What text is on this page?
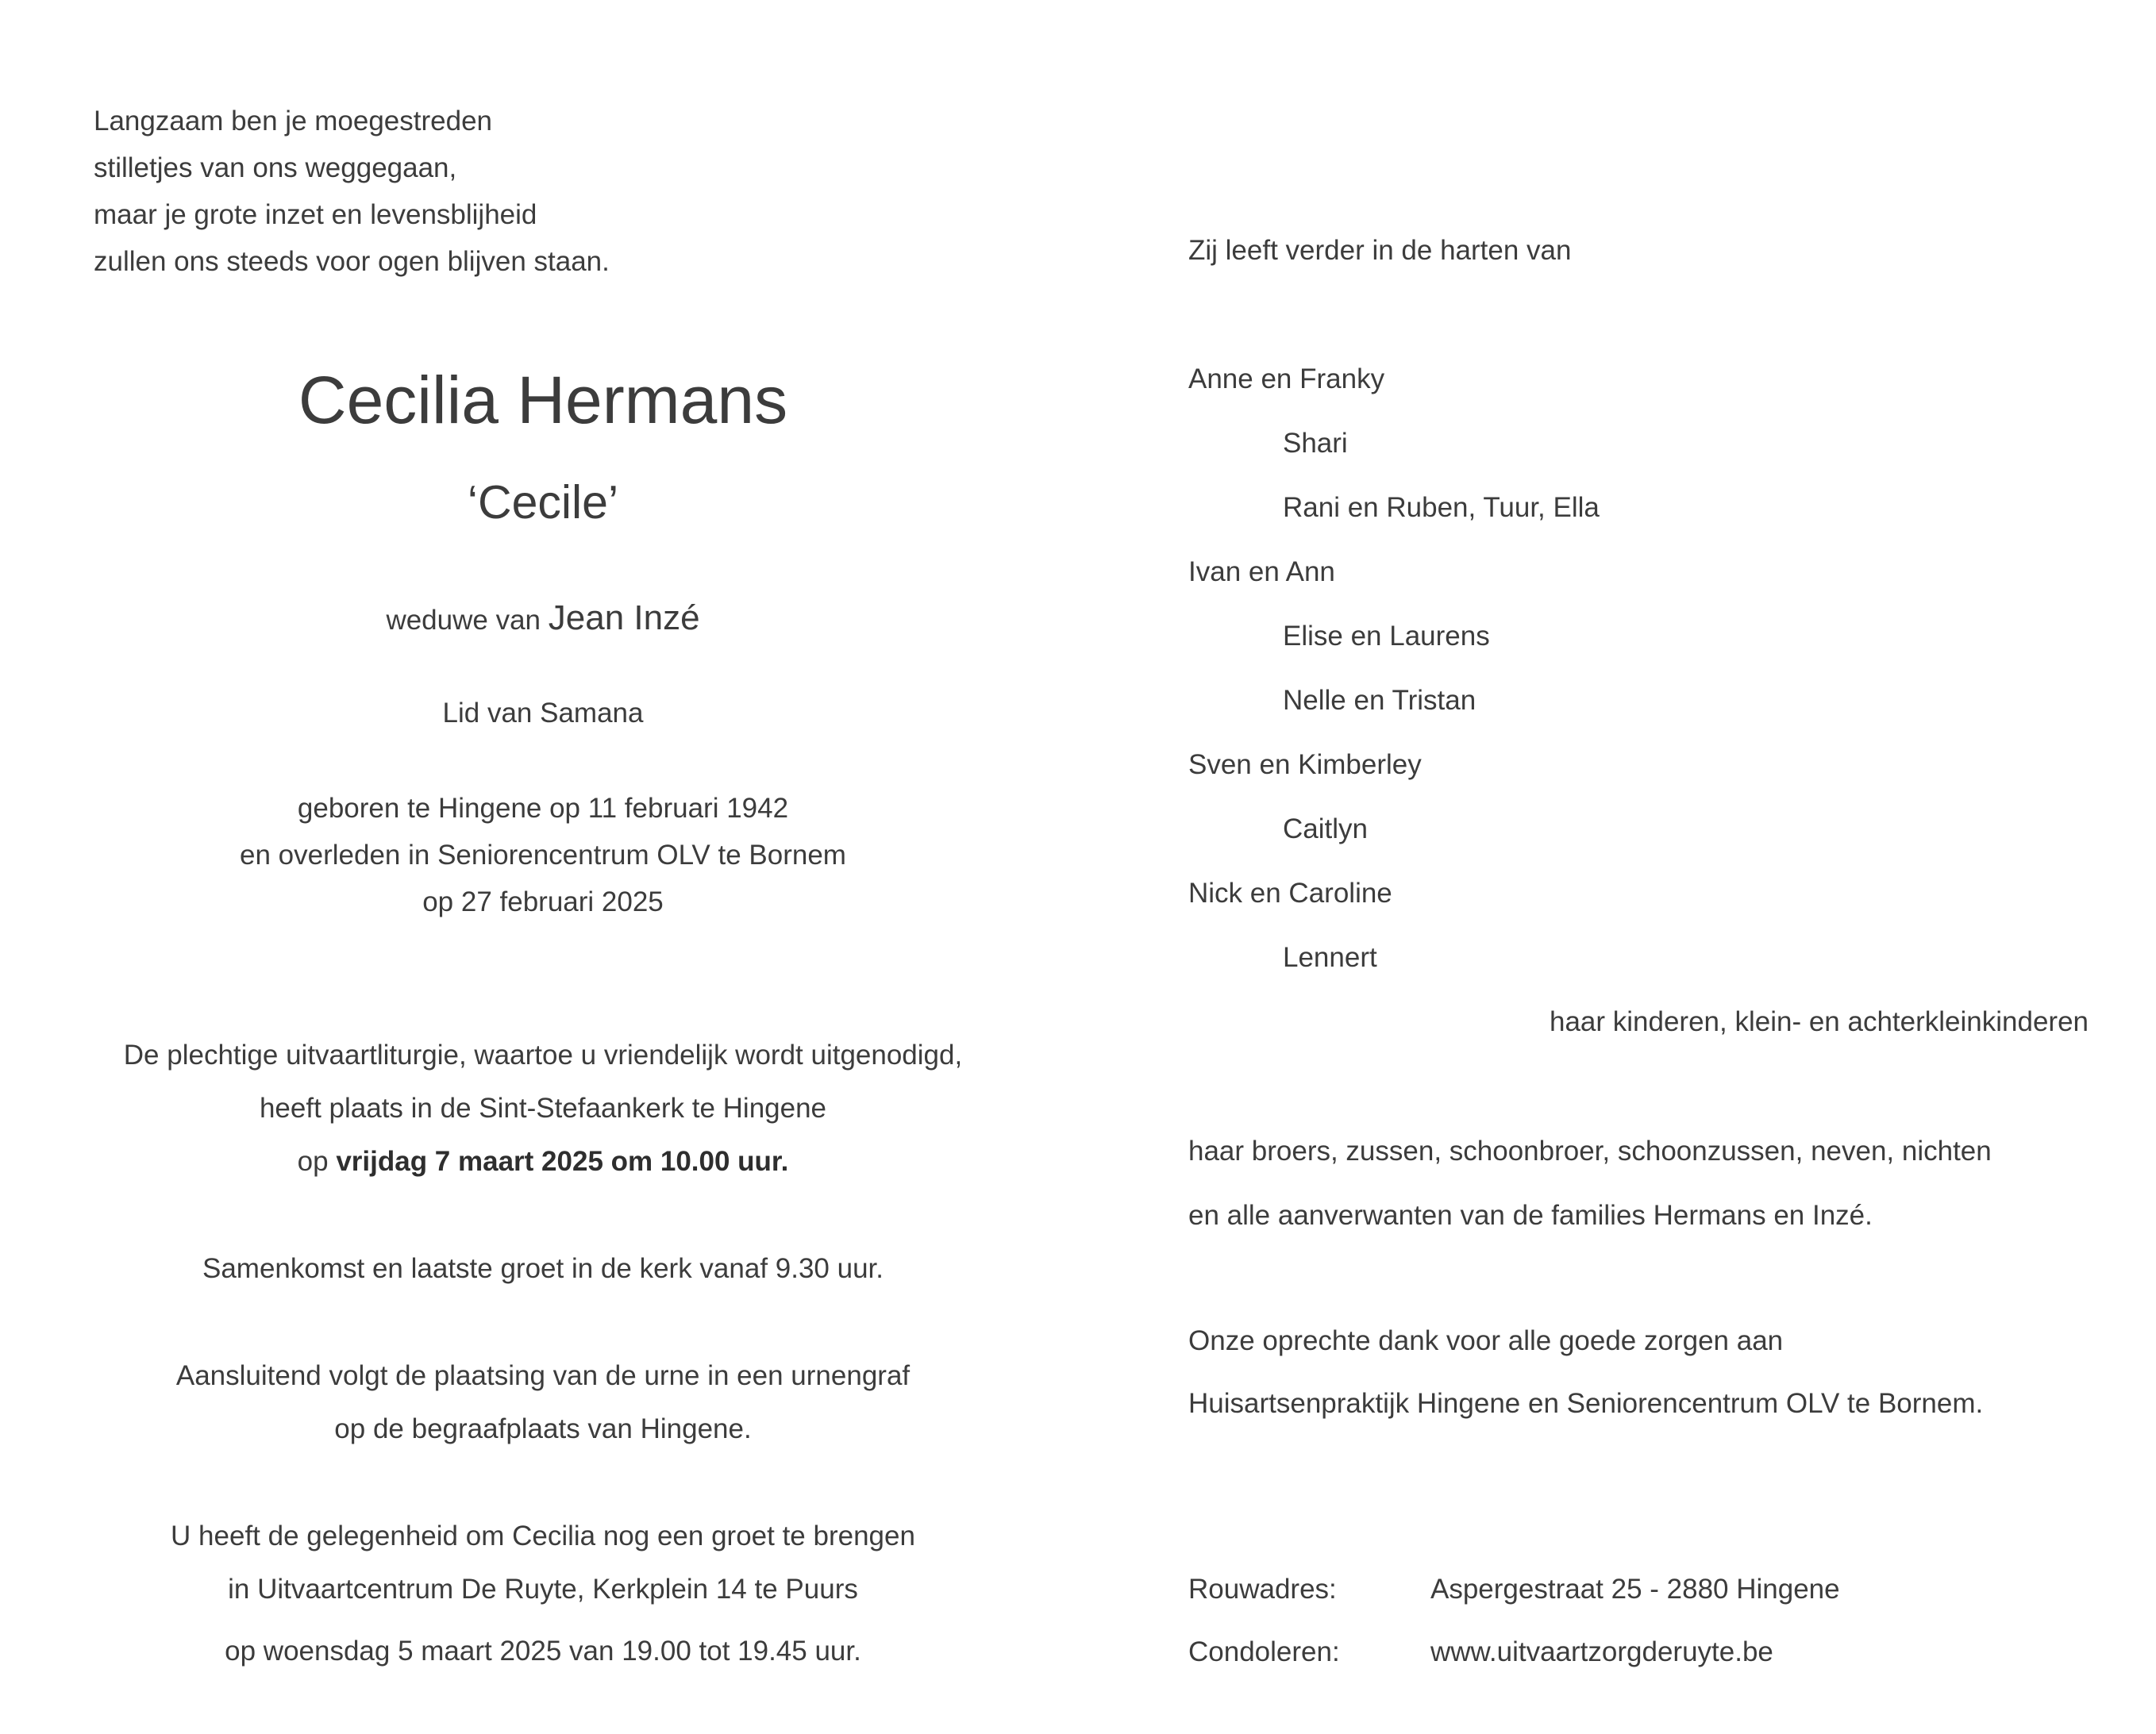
Langzaam ben je moegestreden
stilletjes van ons weggegaan,
maar je grote inzet en levensblijheid
zullen ons steeds voor ogen blijven staan.
Cecilia Hermans
‘Cecile’
weduwe van Jean Inzé
Lid van Samana
geboren te Hingene op 11 februari 1942
en overleden in Seniorencentrum OLV te Bornem
op 27 februari 2025
De plechtige uitvaartliturgie, waartoe u vriendelijk wordt uitgenodigd,
heeft plaats in de Sint-Stefaankerk te Hingene
op vrijdag 7 maart 2025 om 10.00 uur.
Samenkomst en laatste groet in de kerk vanaf 9.30 uur.
Aansluitend volgt de plaatsing van de urne in een urnengraf
op de begraafplaats van Hingene.
U heeft de gelegenheid om Cecilia nog een groet te brengen
in Uitvaartcentrum De Ruyte, Kerkplein 14 te Puurs
op woensdag 5 maart 2025 van 19.00 tot 19.45 uur.
Zij leeft verder in de harten van
Anne en Franky
Shari
Rani en Ruben, Tuur, Ella
Ivan en Ann
Elise en Laurens
Nelle en Tristan
Sven en Kimberley
Caitlyn
Nick en Caroline
Lennert
haar kinderen, klein- en achterkleinkinderen
haar broers, zussen, schoonbroer, schoonzussen, neven, nichten
en alle aanverwanten van de families Hermans en Inzé.
Onze oprechte dank voor alle goede zorgen aan
Huisartsenpraktijk Hingene en Seniorencentrum OLV te Bornem.
Rouwadres:	Aspergestraat 25 - 2880 Hingene
Condoleren:	www.uitvaartzorgderuyte.be
